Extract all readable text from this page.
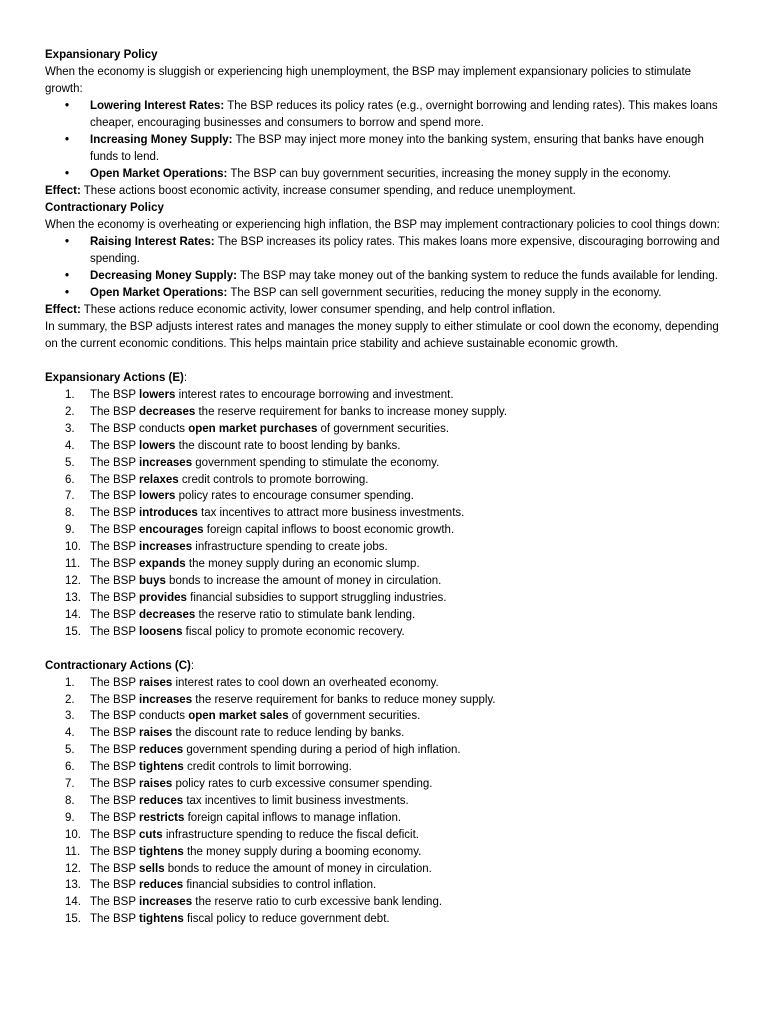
Expansionary Policy

When the economy is sluggish or experiencing high unemployment, the BSP may implement expansionary policies to stimulate growth:

• Lowering Interest Rates: The BSP reduces its policy rates (e.g., overnight borrowing and lending rates). This makes loans cheaper, encouraging businesses and consumers to borrow and spend more.
• Increasing Money Supply: The BSP may inject more money into the banking system, ensuring that banks have enough funds to lend.
• Open Market Operations: The BSP can buy government securities, increasing the money supply in the economy.

Effect: These actions boost economic activity, increase consumer spending, and reduce unemployment.

Contractionary Policy

When the economy is overheating or experiencing high inflation, the BSP may implement contractionary policies to cool things down:

• Raising Interest Rates: The BSP increases its policy rates. This makes loans more expensive, discouraging borrowing and spending.
• Decreasing Money Supply: The BSP may take money out of the banking system to reduce the funds available for lending.
• Open Market Operations: The BSP can sell government securities, reducing the money supply in the economy.

Effect: These actions reduce economic activity, lower consumer spending, and help control inflation.

In summary, the BSP adjusts interest rates and manages the money supply to either stimulate or cool down the economy, depending on the current economic conditions. This helps maintain price stability and achieve sustainable economic growth.

Expansionary Actions (E):

1.	The BSP lowers interest rates to encourage borrowing and investment.
2.	The BSP decreases the reserve requirement for banks to increase money supply.
3.	The BSP conducts open market purchases of government securities.
4.	The BSP lowers the discount rate to boost lending by banks.
5.	The BSP increases government spending to stimulate the economy.
6.	The BSP relaxes credit controls to promote borrowing.
7.	The BSP lowers policy rates to encourage consumer spending.
8.	The BSP introduces tax incentives to attract more business investments.
9.	The BSP encourages foreign capital inflows to boost economic growth.
10. The BSP increases infrastructure spending to create jobs.
11. The BSP expands the money supply during an economic slump.
12. The BSP buys bonds to increase the amount of money in circulation.
13. The BSP provides financial subsidies to support struggling industries.
14. The BSP decreases the reserve ratio to stimulate bank lending.
15. The BSP loosens fiscal policy to promote economic recovery.

Contractionary Actions (C):

1.	The BSP raises interest rates to cool down an overheated economy.
2.	The BSP increases the reserve requirement for banks to reduce money supply.
3.	The BSP conducts open market sales of government securities.
4.	The BSP raises the discount rate to reduce lending by banks.
5.	The BSP reduces government spending during a period of high inflation.
6.	The BSP tightens credit controls to limit borrowing.
7.	The BSP raises policy rates to curb excessive consumer spending.
8.	The BSP reduces tax incentives to limit business investments.
9.	The BSP restricts foreign capital inflows to manage inflation.
10. The BSP cuts infrastructure spending to reduce the fiscal deficit.
11. The BSP tightens the money supply during a booming economy.
12. The BSP sells bonds to reduce the amount of money in circulation.
13. The BSP reduces financial subsidies to control inflation.
14. The BSP increases the reserve ratio to curb excessive bank lending.
15. The BSP tightens fiscal policy to reduce government debt.
